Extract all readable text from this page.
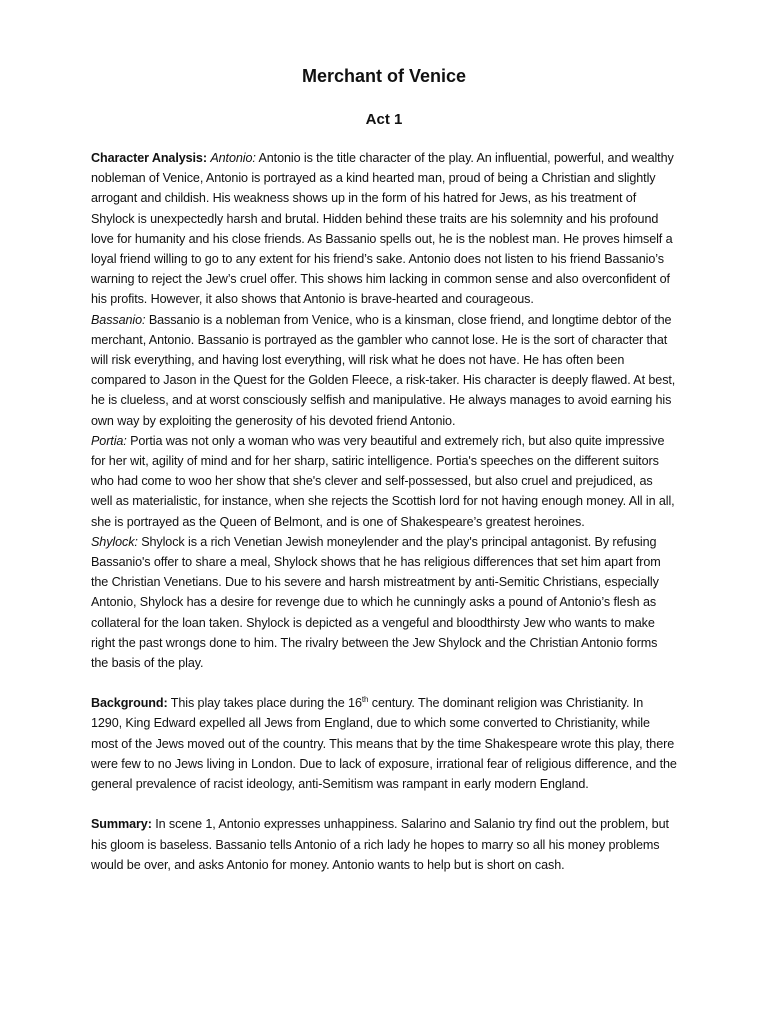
Merchant of Venice
Act 1

Character Analysis: Antonio: Antonio is the title character of the play. An influential, powerful, and wealthy nobleman of Venice, Antonio is portrayed as a kind hearted man, proud of being a Christian and slightly arrogant and childish. His weakness shows up in the form of his hatred for Jews, as his treatment of Shylock is unexpectedly harsh and brutal. Hidden behind these traits are his solemnity and his profound love for humanity and his close friends. As Bassanio spells out, he is the noblest man. He proves himself a loyal friend willing to go to any extent for his friend’s sake. Antonio does not listen to his friend Bassanio’s warning to reject the Jew’s cruel offer. This shows him lacking in common sense and also overconfident of his profits. However, it also shows that Antonio is brave-hearted and courageous.

Bassanio: Bassanio is a nobleman from Venice, who is a kinsman, close friend, and longtime debtor of the merchant, Antonio. Bassanio is portrayed as the gambler who cannot lose. He is the sort of character that will risk everything, and having lost everything, will risk what he does not have. He has often been compared to Jason in the Quest for the Golden Fleece, a risk-taker. His character is deeply flawed. At best, he is clueless, and at worst consciously selfish and manipulative. He always manages to avoid earning his own way by exploiting the generosity of his devoted friend Antonio.

Portia: Portia was not only a woman who was very beautiful and extremely rich, but also quite impressive for her wit, agility of mind and for her sharp, satiric intelligence. Portia's speeches on the different suitors who had come to woo her show that she's clever and self-possessed, but also cruel and prejudiced, as well as materialistic, for instance, when she rejects the Scottish lord for not having enough money. All in all, she is portrayed as the Queen of Belmont, and is one of Shakespeare’s greatest heroines.

Shylock: Shylock is a rich Venetian Jewish moneylender and the play's principal antagonist. By refusing Bassanio's offer to share a meal, Shylock shows that he has religious differences that set him apart from the Christian Venetians. Due to his severe and harsh mistreatment by anti-Semitic Christians, especially Antonio, Shylock has a desire for revenge due to which he cunningly asks a pound of Antonio’s flesh as collateral for the loan taken. Shylock is depicted as a vengeful and bloodthirsty Jew who wants to make right the past wrongs done to him. The rivalry between the Jew Shylock and the Christian Antonio forms the basis of the play.

Background: This play takes place during the 16th century. The dominant religion was Christianity. In 1290, King Edward expelled all Jews from England, due to which some converted to Christianity, while most of the Jews moved out of the country. This means that by the time Shakespeare wrote this play, there were few to no Jews living in London. Due to lack of exposure, irrational fear of religious difference, and the general prevalence of racist ideology, anti-Semitism was rampant in early modern England.

Summary: In scene 1, Antonio expresses unhappiness. Salarino and Salanio try find out the problem, but his gloom is baseless. Bassanio tells Antonio of a rich lady he hopes to marry so all his money problems would be over, and asks Antonio for money. Antonio wants to help but is short on cash.
